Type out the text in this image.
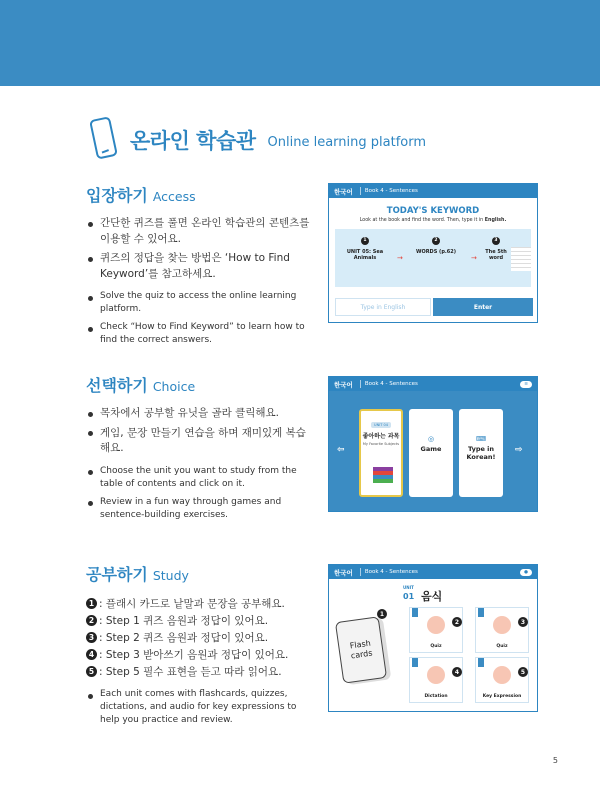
온라인 학습관 Online learning platform
입장하기 Access
간단한 퀴즈를 풀면 온라인 학습관의 콘텐츠를 이용할 수 있어요.
퀴즈의 정답을 찾는 방법은 ‘How to Find Keyword’를 참고하세요.
Solve the quiz to access the online learning platform.
Check “How to Find Keyword” to learn how to find the correct answers.
선택하기 Choice
목차에서 공부할 유닛을 골라 클릭해요.
게임, 문장 만들기 연습을 하며 재미있게 복습해요.
Choose the unit you want to study from the table of contents and click on it.
Review in a fun way through games and sentence-building exercises.
공부하기 Study
1 : 플래시 카드로 낱말과 문장을 공부해요.
2 : Step 1 퀴즈 음원과 정답이 있어요.
3 : Step 2 퀴즈 음원과 정답이 있어요.
4 : Step 3 받아쓰기 음원과 정답이 있어요.
5 : Step 5 필수 표현을 듣고 따라 읽어요.
Each unit comes with flashcards, quizzes, dictations, and audio for key expressions to help you practice and review.
한국어 Book 4 - Sentences
TODAY'S KEYWORD
Look at the book and find the word. Then, type it in English.
1
UNIT 05: Sea Animals	→
2
WORDS (p.62)
→
3
The 5th word
Type in English	Enter
한국어 Book 4 - Sentences	≡
⇦
UNIT 04
좋아하는 과목
My Favorite Subjects
◎
Game
⌨
Type in Korean!
⇨
한국어 Book 4 - Sentences	●
UNIT
01 음식
Flash cards
1
Quiz
2
Quiz
3
Dictation
4
Key Expression
5
5
